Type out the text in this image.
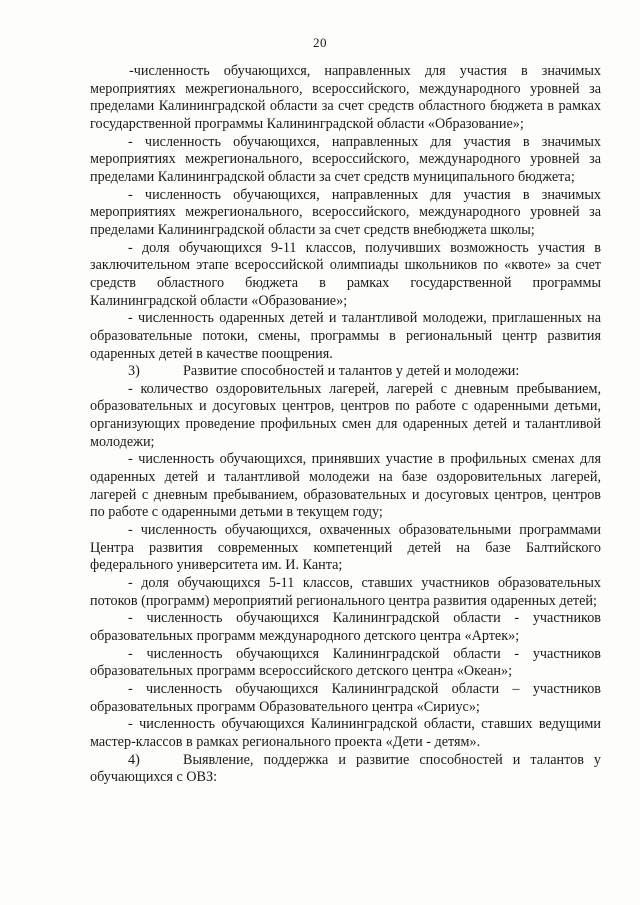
20

-численность обучающихся, направленных для участия в значимых мероприятиях межрегионального, всероссийского, международного уровней за пределами Калининградской области за счет средств областного бюджета в рамках государственной программы Калининградской области «Образование»;

- численность обучающихся, направленных для участия в значимых мероприятиях межрегионального, всероссийского, международного уровней за пределами Калининградской области за счет средств муниципального бюджета;

- численность обучающихся, направленных для участия в значимых мероприятиях межрегионального, всероссийского, международного уровней за пределами Калининградской области за счет средств внебюджета школы;

- доля обучающихся 9-11 классов, получивших возможность участия в заключительном этапе всероссийской олимпиады школьников по «квоте» за счет средств областного бюджета в рамках государственной программы Калининградской области «Образование»;

- численность одаренных детей и талантливой молодежи, приглашенных на образовательные потоки, смены, программы в региональный центр развития одаренных детей в качестве поощрения.

3)	Развитие способностей и талантов у детей и молодежи:

- количество оздоровительных лагерей, лагерей с дневным пребыванием, образовательных и досуговых центров, центров по работе с одаренными детьми, организующих проведение профильных смен для одаренных детей и талантливой молодежи;

- численность обучающихся, принявших участие в профильных сменах для одаренных детей и талантливой молодежи на базе оздоровительных лагерей, лагерей с дневным пребыванием, образовательных и досуговых центров, центров по работе с одаренными детьми в текущем году;

- численность обучающихся, охваченных образовательными программами Центра развития современных компетенций детей на базе Балтийского федерального университета им. И. Канта;

- доля обучающихся 5-11 классов, ставших участников образовательных потоков (программ) мероприятий регионального центра развития одаренных детей;

- численность обучающихся Калининградской области - участников образовательных программ международного детского центра «Артек»;

- численность обучающихся Калининградской области - участников образовательных программ всероссийского детского центра «Океан»;

- численность обучающихся Калининградской области – участников образовательных программ Образовательного центра «Сириус»;

- численность обучающихся Калининградской области, ставших ведущими мастер-классов в рамках регионального проекта «Дети - детям».

4)	Выявление, поддержка и развитие способностей и талантов у обучающихся с ОВЗ:
